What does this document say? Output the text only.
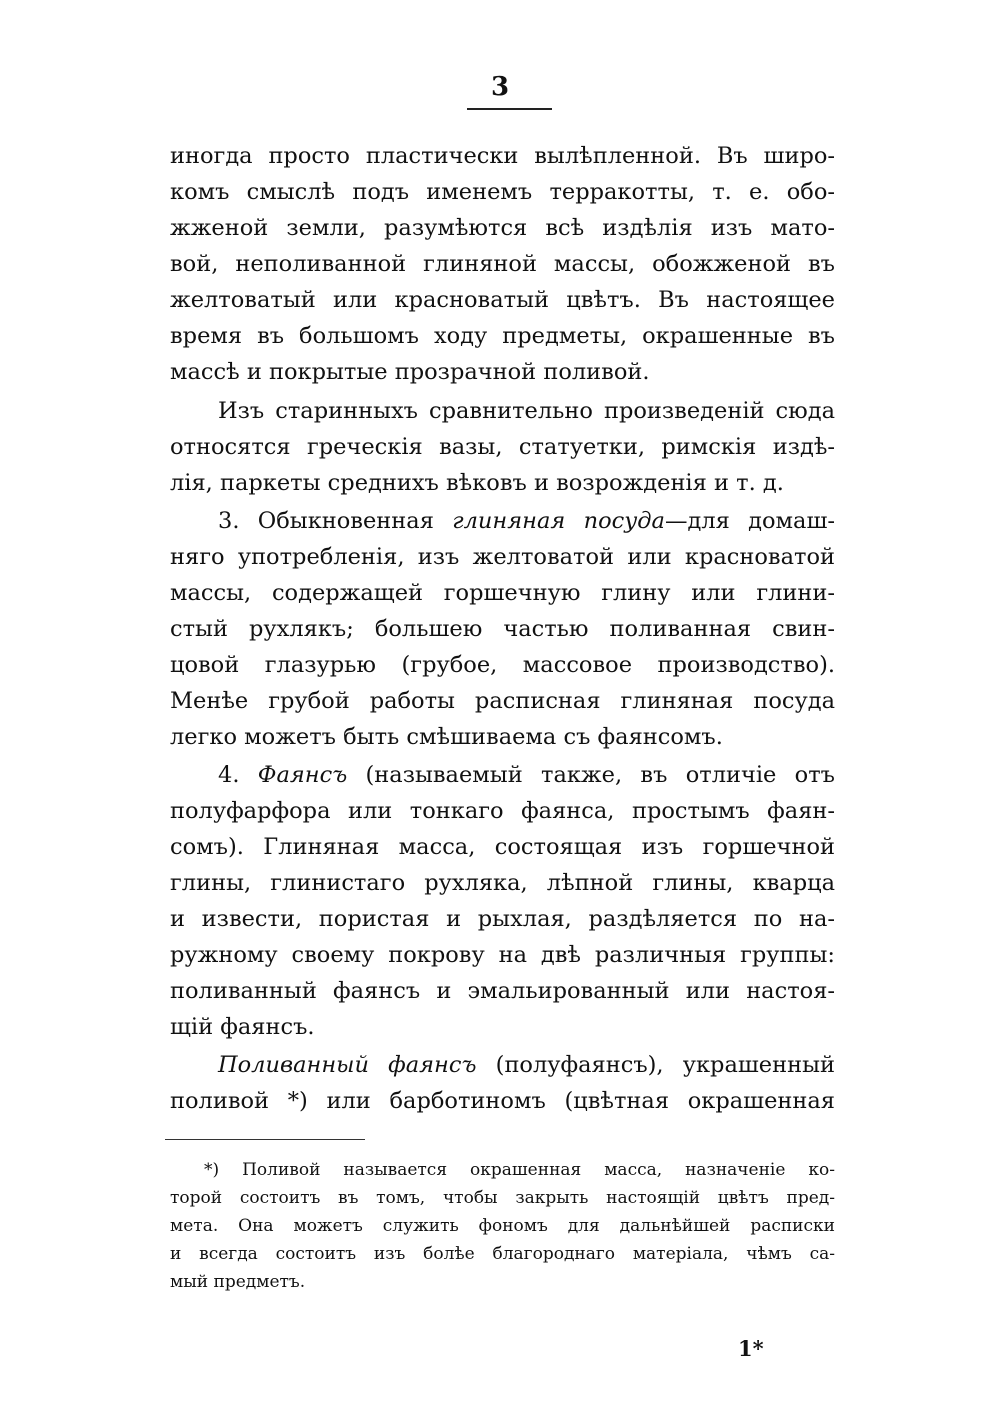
3
иногда просто пластически вылѣпленной. Въ широ-
комъ смыслѣ подъ именемъ терракотты, т. е. обо-
жженой земли, разумѣются всѣ издѣлія изъ мато-
вой, неполиванной глиняной массы, обожженой въ
желтоватый или красноватый цвѣтъ. Въ настоящее
время въ большомъ ходу предметы, окрашенные въ
массѣ и покрытые прозрачной поливой.
Изъ старинныхъ сравнительно произведеній сюда
относятся греческія вазы, статуетки, римскія издѣ-
лія, паркеты среднихъ вѣковъ и возрожденія и т. д.
3. Обыкновенная глиняная посуда—для домаш-
няго употребленія, изъ желтоватой или красноватой
массы, содержащей горшечную глину или глини-
стый рухлякъ; большею частью поливанная свин-
цовой глазурью (грубое, массовое производство).
Менѣе грубой работы расписная глиняная посуда
легко можетъ быть смѣшиваема съ фаянсомъ.
4. Фаянсъ (называемый также, въ отличіе отъ
полуфарфора или тонкаго фаянса, простымъ фаян-
сомъ). Глиняная масса, состоящая изъ горшечной
глины, глинистаго рухляка, лѣпной глины, кварца
и извести, пористая и рыхлая, раздѣляется по на-
ружному своему покрову на двѣ различныя группы:
поливанный фаянсъ и эмальированный или настоя-
щій фаянсъ.
Поливанный фаянсъ (полуфаянсъ), украшенный
поливой *) или барботиномъ (цвѣтная окрашенная
*) Поливой называется окрашенная масса, назначеніе ко-
торой состоитъ въ томъ, чтобы закрыть настоящій цвѣтъ пред-
мета. Она можетъ служить фономъ для дальнѣйшей расписки
и всегда состоитъ изъ болѣе благороднаго матеріала, чѣмъ са-
мый предметъ.
1*
